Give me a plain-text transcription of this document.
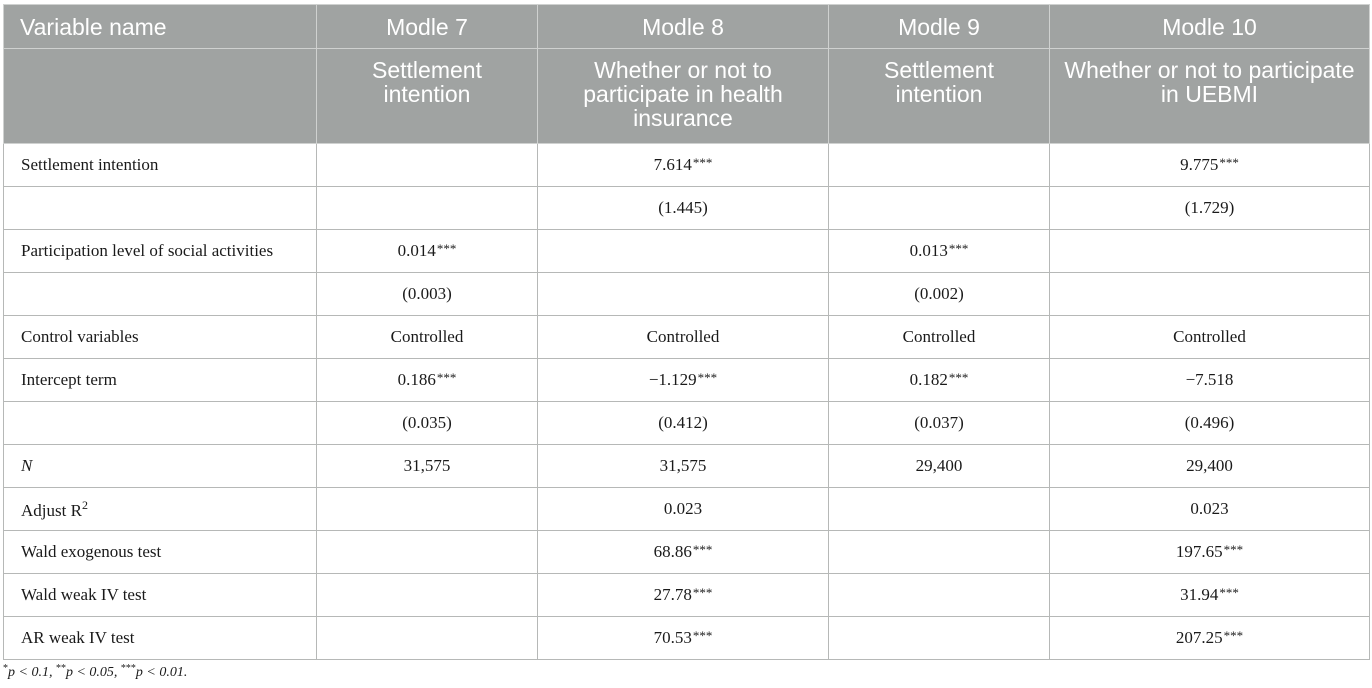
Variable name	Modle 7	Modle 8	Modle 9	Modle 10
	Settlement intention	Whether or not to participate in health insurance	Settlement intention	Whether or not to participate in UEBMI
Settlement intention		7.614***		9.775***
		(1.445)		(1.729)
Participation level of social activities	0.014***		0.013***	
	(0.003)		(0.002)	
Control variables	Controlled	Controlled	Controlled	Controlled
Intercept term	0.186***	−1.129***	0.182***	−7.518
	(0.035)	(0.412)	(0.037)	(0.496)
N	31,575	31,575	29,400	29,400
Adjust $R^2$		0.023		0.023
Wald exogenous test		68.86***		197.65***
Wald weak IV test		27.78***		31.94***
AR weak IV test		70.53***		207.25***
*p < 0.1, **p < 0.05, ***p < 0.01.
